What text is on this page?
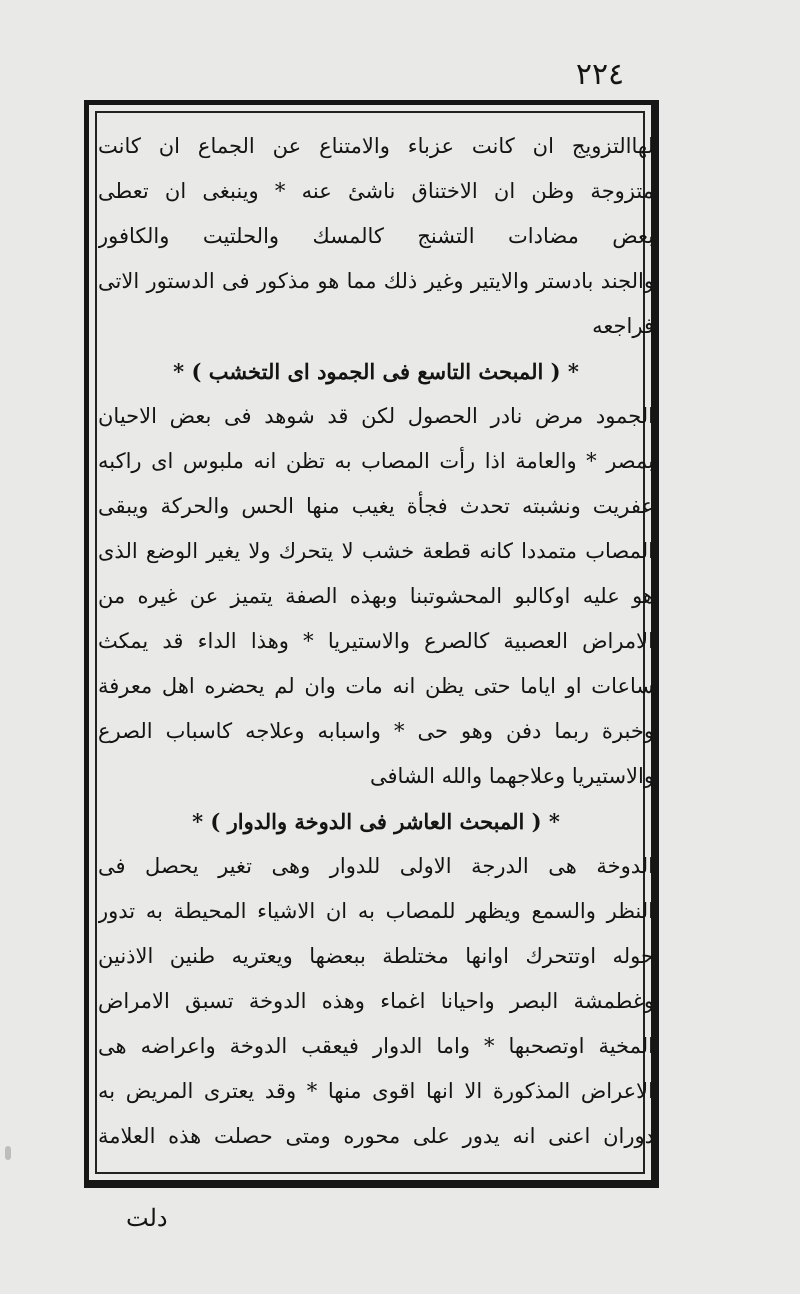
٢٢٤
لهاالتزويج ان كانت عزباء والامتناع عن الجماع ان كانت
متزوجة وظن ان الاختناق ناشئ عنه * وينبغى ان تعطى
بعض مضادات التشنج كالمسك والحلتيت والكافور
والجند بادستر والايتير وغير ذلك مما هو مذكور فى الدستور الاتى
فراجعه
* ( المبحث التاسع فى الجمود اى التخشب ) *
الجمود مرض نادر الحصول لكن قد شوهد فى بعض الاحيان
بمصر * والعامة اذا رأت المصاب به تظن انه ملبوس اى راكبه
عفريت ونشبته تحدث فجأة يغيب منها الحس والحركة ويبقى
المصاب متمددا كانه قطعة خشب لا يتحرك ولا يغير الوضع الذى
هو عليه اوكالبو المحشوتبنا وبهذه الصفة يتميز عن غيره من
الامراض العصبية كالصرع والاستيريا * وهذا الداء قد يمكث
ساعات او اياما حتى يظن انه مات وان لم يحضره اهل معرفة
وخبرة ربما دفن وهو حى * واسبابه وعلاجه كاسباب الصرع
والاستيريا وعلاجهما والله الشافى
* ( المبحث العاشر فى الدوخة والدوار ) *
الدوخة هى الدرجة الاولى للدوار وهى تغير يحصل فى
النظر والسمع ويظهر للمصاب به ان الاشياء المحيطة به تدور
حوله اوتتحرك اوانها مختلطة ببعضها ويعتريه طنين الاذنين
وغطمشة البصر واحيانا اغماء وهذه الدوخة تسبق الامراض
المخية اوتصحبها * واما الدوار فيعقب الدوخة واعراضه هى
الاعراض المذكورة الا انها اقوى منها * وقد يعترى المريض به
دوران اعنى انه يدور على محوره ومتى حصلت هذه العلامة
دلت
